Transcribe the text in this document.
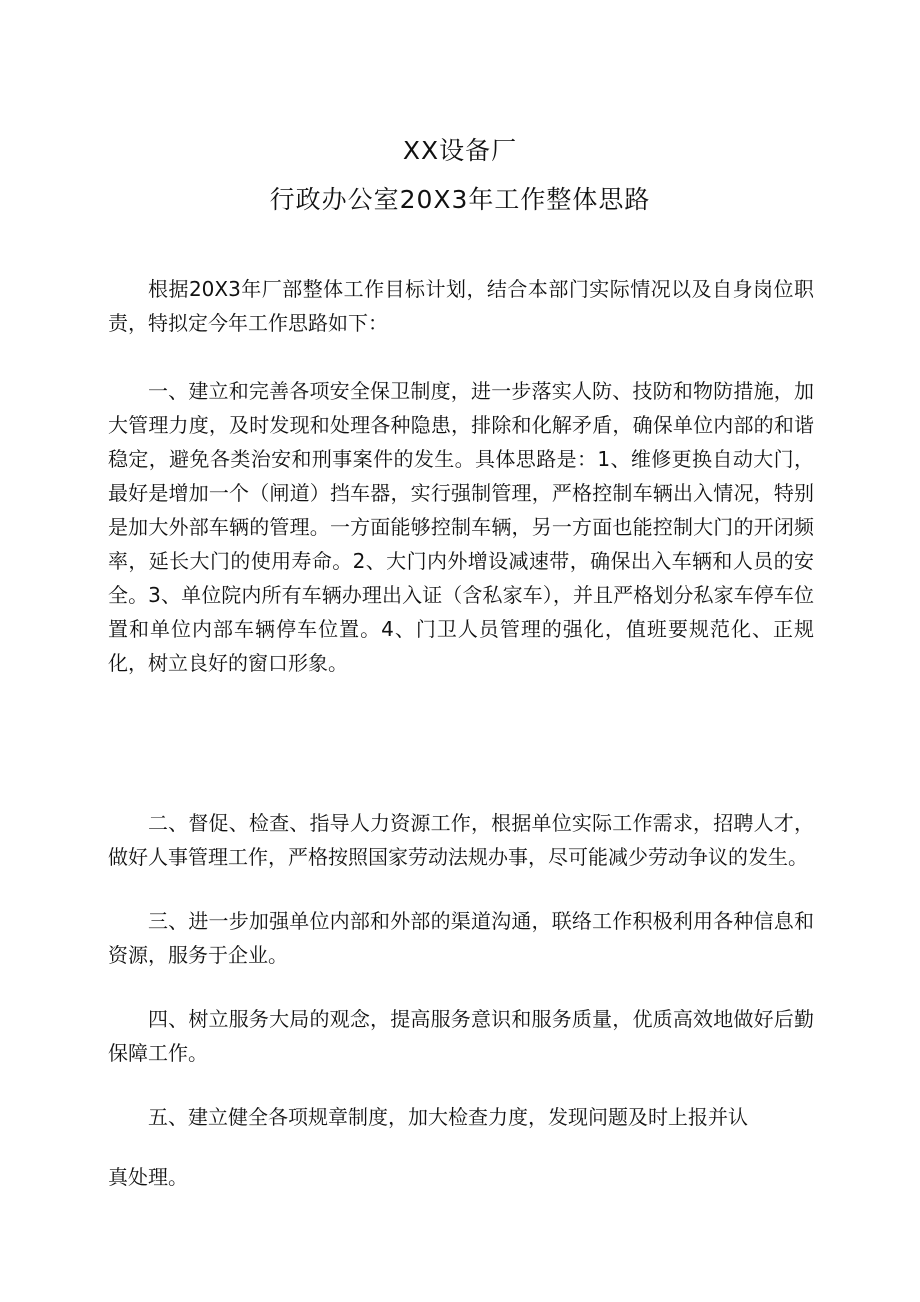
XX设备厂
行政办公室20X3年工作整体思路

根据20X3年厂部整体工作目标计划，结合本部门实际情况以及自身岗位职责，特拟定今年工作思路如下：

一、建立和完善各项安全保卫制度，进一步落实人防、技防和物防措施，加大管理力度，及时发现和处理各种隐患，排除和化解矛盾，确保单位内部的和谐稳定，避免各类治安和刑事案件的发生。具体思路是：1、维修更换自动大门，最好是增加一个（闸道）挡车器，实行强制管理，严格控制车辆出入情况，特别是加大外部车辆的管理。一方面能够控制车辆，另一方面也能控制大门的开闭频率，延长大门的使用寿命。2、大门内外增设减速带，确保出入车辆和人员的安全。3、单位院内所有车辆办理出入证（含私家车），并且严格划分私家车停车位置和单位内部车辆停车位置。4、门卫人员管理的强化，值班要规范化、正规化，树立良好的窗口形象。

二、督促、检查、指导人力资源工作，根据单位实际工作需求，招聘人才，做好人事管理工作，严格按照国家劳动法规办事，尽可能减少劳动争议的发生。

三、进一步加强单位内部和外部的渠道沟通，联络工作积极利用各种信息和资源，服务于企业。

四、树立服务大局的观念，提高服务意识和服务质量，优质高效地做好后勤保障工作。

五、建立健全各项规章制度，加大检查力度，发现问题及时上报并认

真处理。
